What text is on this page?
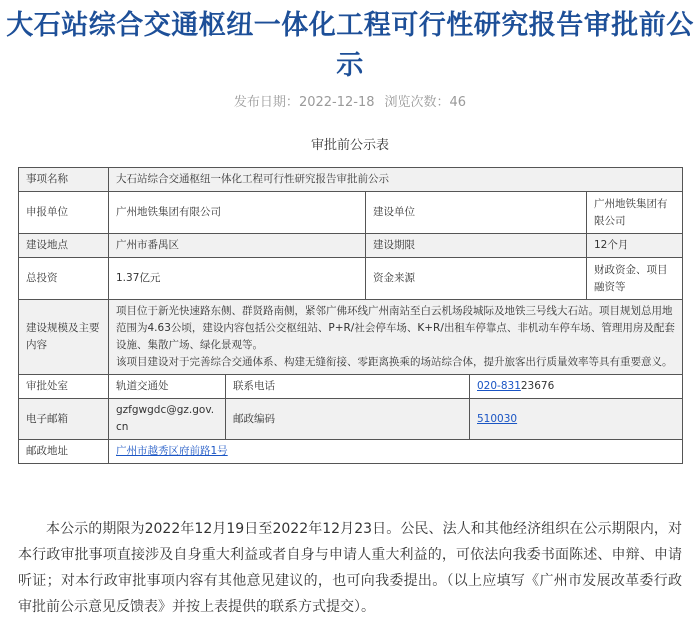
大石站综合交通枢纽一体化工程可行性研究报告审批前公示
发布日期：2022-12-18 浏览次数：46
审批前公示表
事项名称	大石站综合交通枢纽一体化工程可行性研究报告审批前公示				
申报单位	广州地铁集团有限公司		建设单位		广州地铁集团有限公司
建设地点	广州市番禺区		建设期限		12个月
总投资	1.37亿元		资金来源		财政资金、项目融资等
建设规模及主要内容	项目位于新光快速路东侧、群贤路南侧，紧邻广佛环线广州南站至白云机场段城际及地铁三号线大石站。项目规划总用地范围为4.63公顷，建设内容包括公交枢纽站、P+R/社会停车场、K+R/出租车停靠点、非机动车停车场、管理用房及配套设施、集散广场、绿化景观等。
该项目建设对于完善综合交通体系、构建无缝衔接、零距离换乘的场站综合体，提升旅客出行质量效率等具有重要意义。				

审批处室	轨道交通处	联系电话		020-83123676	
电子邮箱	gzfgwgdc@gz.gov.cn	邮政编码		510030	
邮政地址	广州市越秀区府前路1号				
本公示的期限为2022年12月19日至2022年12月23日。公民、法人和其他经济组织在公示期限内，对本行政审批事项直接涉及自身重大利益或者自身与申请人重大利益的，可依法向我委书面陈述、申辩、申请听证；对本行政审批事项内容有其他意见建议的，也可向我委提出。（以上应填写《广州市发展改革委行政审批前公示意见反馈表》并按上表提供的联系方式提交）。
